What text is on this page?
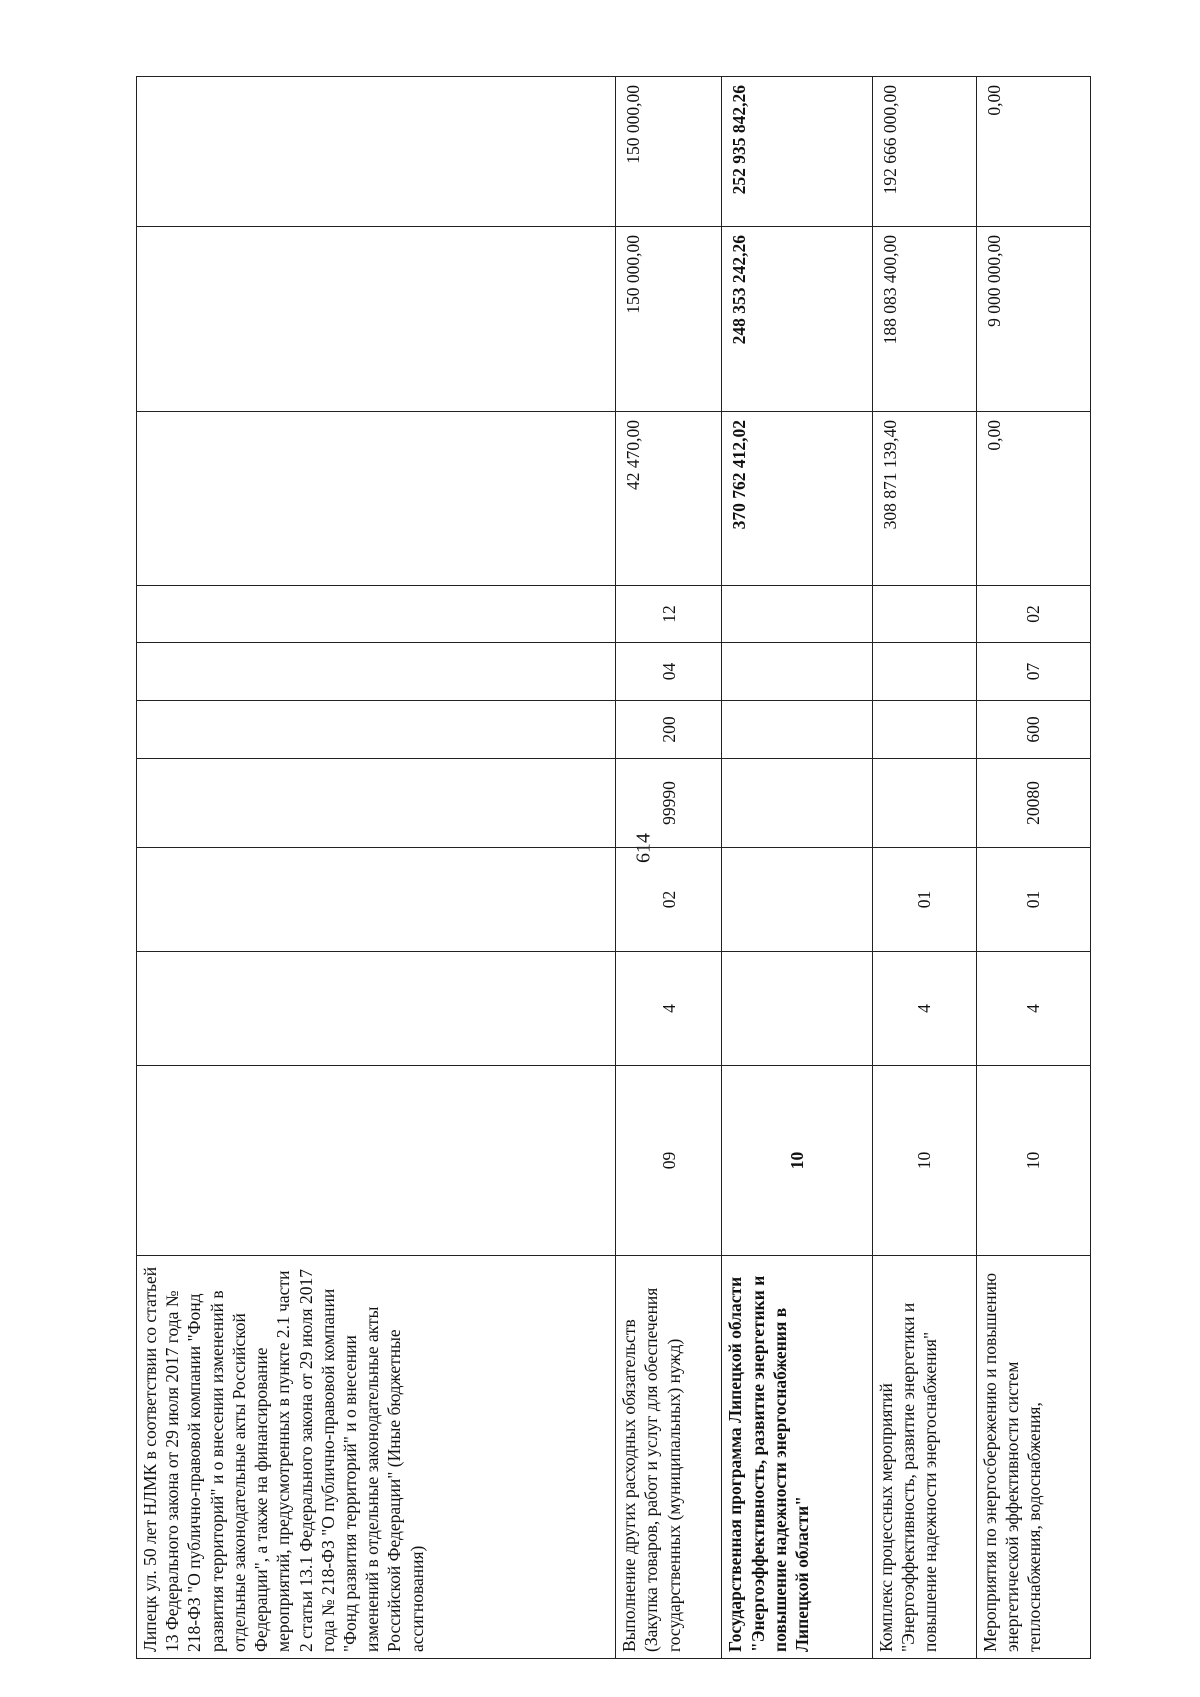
614
Липецк ул. 50 лет НЛМК в соответствии со статьей 13 Федерального закона от 29 июля 2017 года № 218-ФЗ "О публично-правовой компании "Фонд развития территорий" и о внесении изменений в отдельные законодательные акты Российской Федерации", а также на финансирование мероприятий, предусмотренных в пункте 2.1 части 2 статьи 13.1 Федерального закона от 29 июля 2017 года № 218-ФЗ "О публично-правовой компании "Фонд развития территорий" и о внесении изменений в отдельные законодательные акты Российской Федерации" (Иные бюджетные ассигнования)										
Выполнение других расходных обязательств (Закупка товаров, работ и услуг для обеспечения государственных (муниципальных) нужд)	09	4	02	99990	200	04	12	42 470,00	150 000,00	150 000,00
Государственная программа Липецкой области "Энергоэффективность, развитие энергетики и повышение надежности энергоснабжения в Липецкой области"	10							370 762 412,02	248 353 242,26	252 935 842,26
Комплекс процессных мероприятий "Энергоэффективность, развитие энергетики и повышение надежности энергоснабжения"	10	4	01					308 871 139,40	188 083 400,00	192 666 000,00
Мероприятия по энергосбережению и повышению энергетической эффективности систем теплоснабжения, водоснабжения,	10	4	01	20080	600	07	02	0,00	9 000 000,00	0,00
